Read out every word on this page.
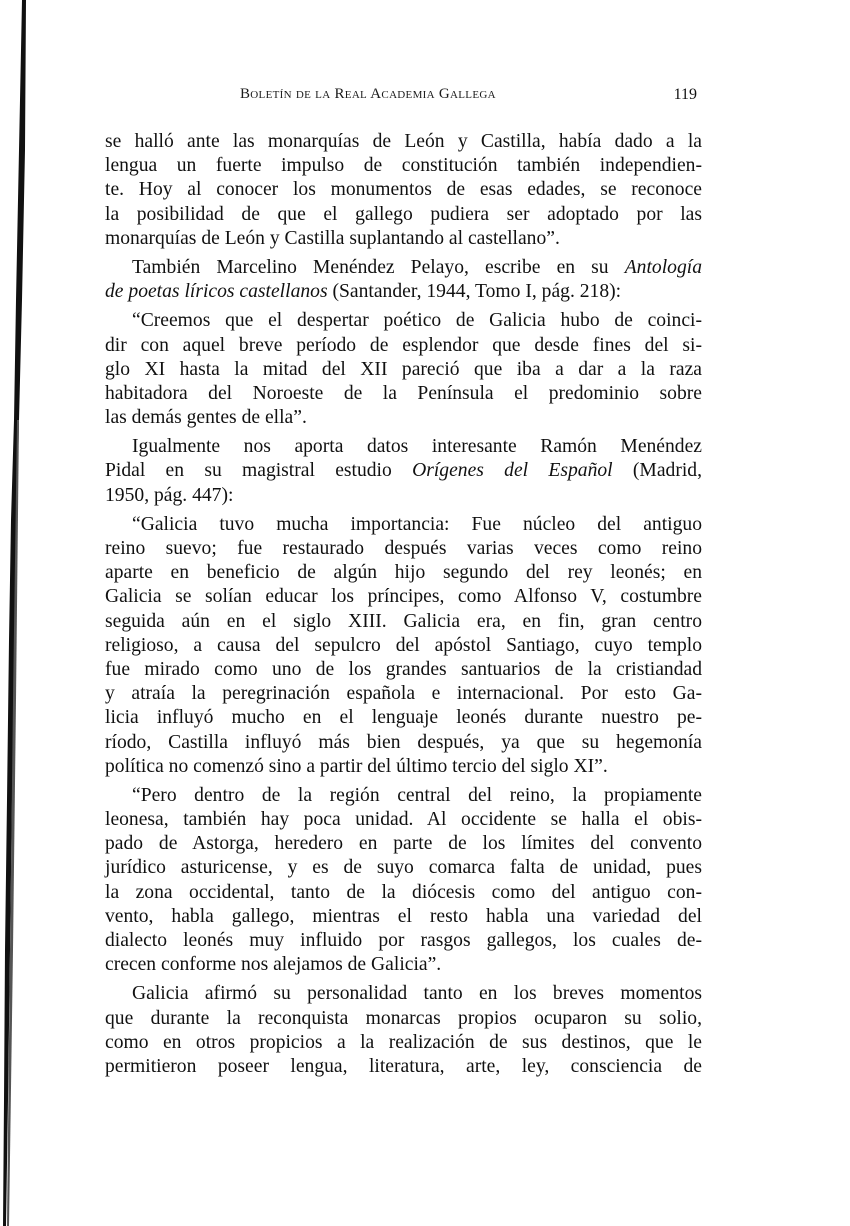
Boletín de la Real Academia Gallega	119
se halló ante las monarquías de León y Castilla, había dado a la
lengua un fuerte impulso de constitución también independien-
te. Hoy al conocer los monumentos de esas edades, se reconoce
la posibilidad de que el gallego pudiera ser adoptado por las
monarquías de León y Castilla suplantando al castellano”.
También Marcelino Menéndez Pelayo, escribe en su Antología
de poetas líricos castellanos (Santander, 1944, Tomo I, pág. 218):
“Creemos que el despertar poético de Galicia hubo de coinci-
dir con aquel breve período de esplendor que desde fines del si-
glo XI hasta la mitad del XII pareció que iba a dar a la raza
habitadora del Noroeste de la Península el predominio sobre
las demás gentes de ella”.
Igualmente nos aporta datos interesante Ramón Menéndez
Pidal en su magistral estudio Orígenes del Español (Madrid,
1950, pág. 447):
“Galicia tuvo mucha importancia: Fue núcleo del antiguo
reino suevo; fue restaurado después varias veces como reino
aparte en beneficio de algún hijo segundo del rey leonés; en
Galicia se solían educar los príncipes, como Alfonso V, costumbre
seguida aún en el siglo XIII. Galicia era, en fin, gran centro
religioso, a causa del sepulcro del apóstol Santiago, cuyo templo
fue mirado como uno de los grandes santuarios de la cristiandad
y atraía la peregrinación española e internacional. Por esto Ga-
licia influyó mucho en el lenguaje leonés durante nuestro pe-
ríodo, Castilla influyó más bien después, ya que su hegemonía
política no comenzó sino a partir del último tercio del siglo XI”.
“Pero dentro de la región central del reino, la propiamente
leonesa, también hay poca unidad. Al occidente se halla el obis-
pado de Astorga, heredero en parte de los límites del convento
jurídico asturicense, y es de suyo comarca falta de unidad, pues
la zona occidental, tanto de la diócesis como del antiguo con-
vento, habla gallego, mientras el resto habla una variedad del
dialecto leonés muy influido por rasgos gallegos, los cuales de-
crecen conforme nos alejamos de Galicia”.
Galicia afirmó su personalidad tanto en los breves momentos
que durante la reconquista monarcas propios ocuparon su solio,
como en otros propicios a la realización de sus destinos, que le
permitieron poseer lengua, literatura, arte, ley, consciencia de
